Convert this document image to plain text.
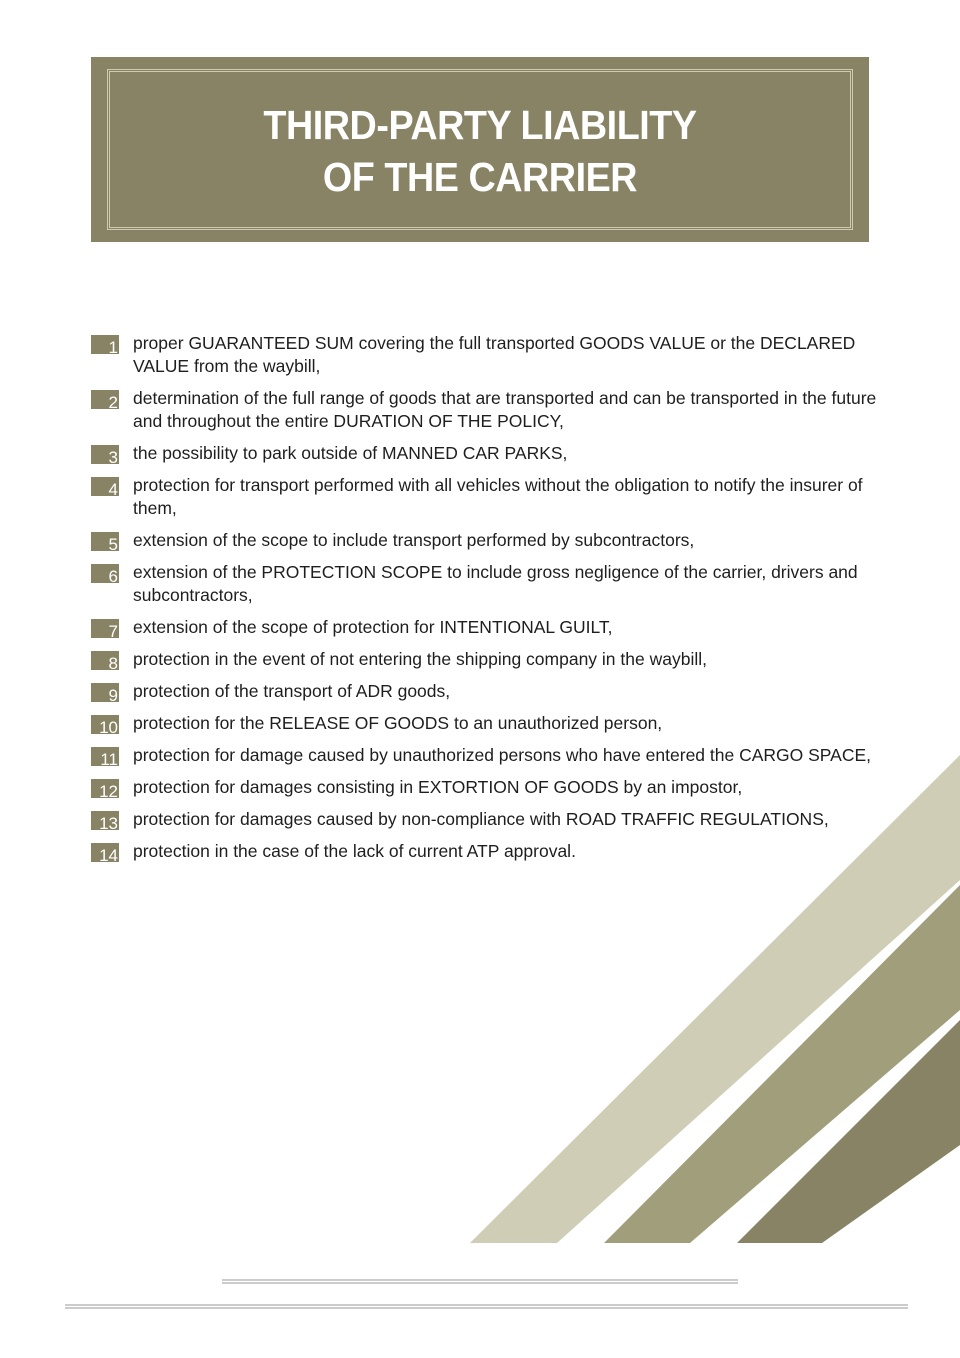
THIRD-PARTY LIABILITY
OF THE CARRIER
1 proper GUARANTEED SUM covering the full transported GOODS VALUE or the DECLARED VALUE from the waybill,
2 determination of the full range of goods that are transported and can be transported in the future and throughout the entire DURATION OF THE POLICY,
3 the possibility to park outside of MANNED CAR PARKS,
4 protection for transport performed with all vehicles without the obligation to notify the insurer of them,
5 extension of the scope to include transport performed by subcontractors,
6 extension of the PROTECTION SCOPE to include gross negligence of the carrier, drivers and subcontractors,
7 extension of the scope of protection for INTENTIONAL GUILT,
8 protection in the event of not entering the shipping company in the waybill,
9 protection of the transport of ADR goods,
10 protection for the RELEASE OF GOODS to an unauthorized person,
11 protection for damage caused by unauthorized persons who have entered the CARGO SPACE,
12 protection for damages consisting in EXTORTION OF GOODS by an impostor,
13 protection for damages caused by non-compliance with ROAD TRAFFIC REGULATIONS,
14 protection in the case of the lack of current ATP approval.
